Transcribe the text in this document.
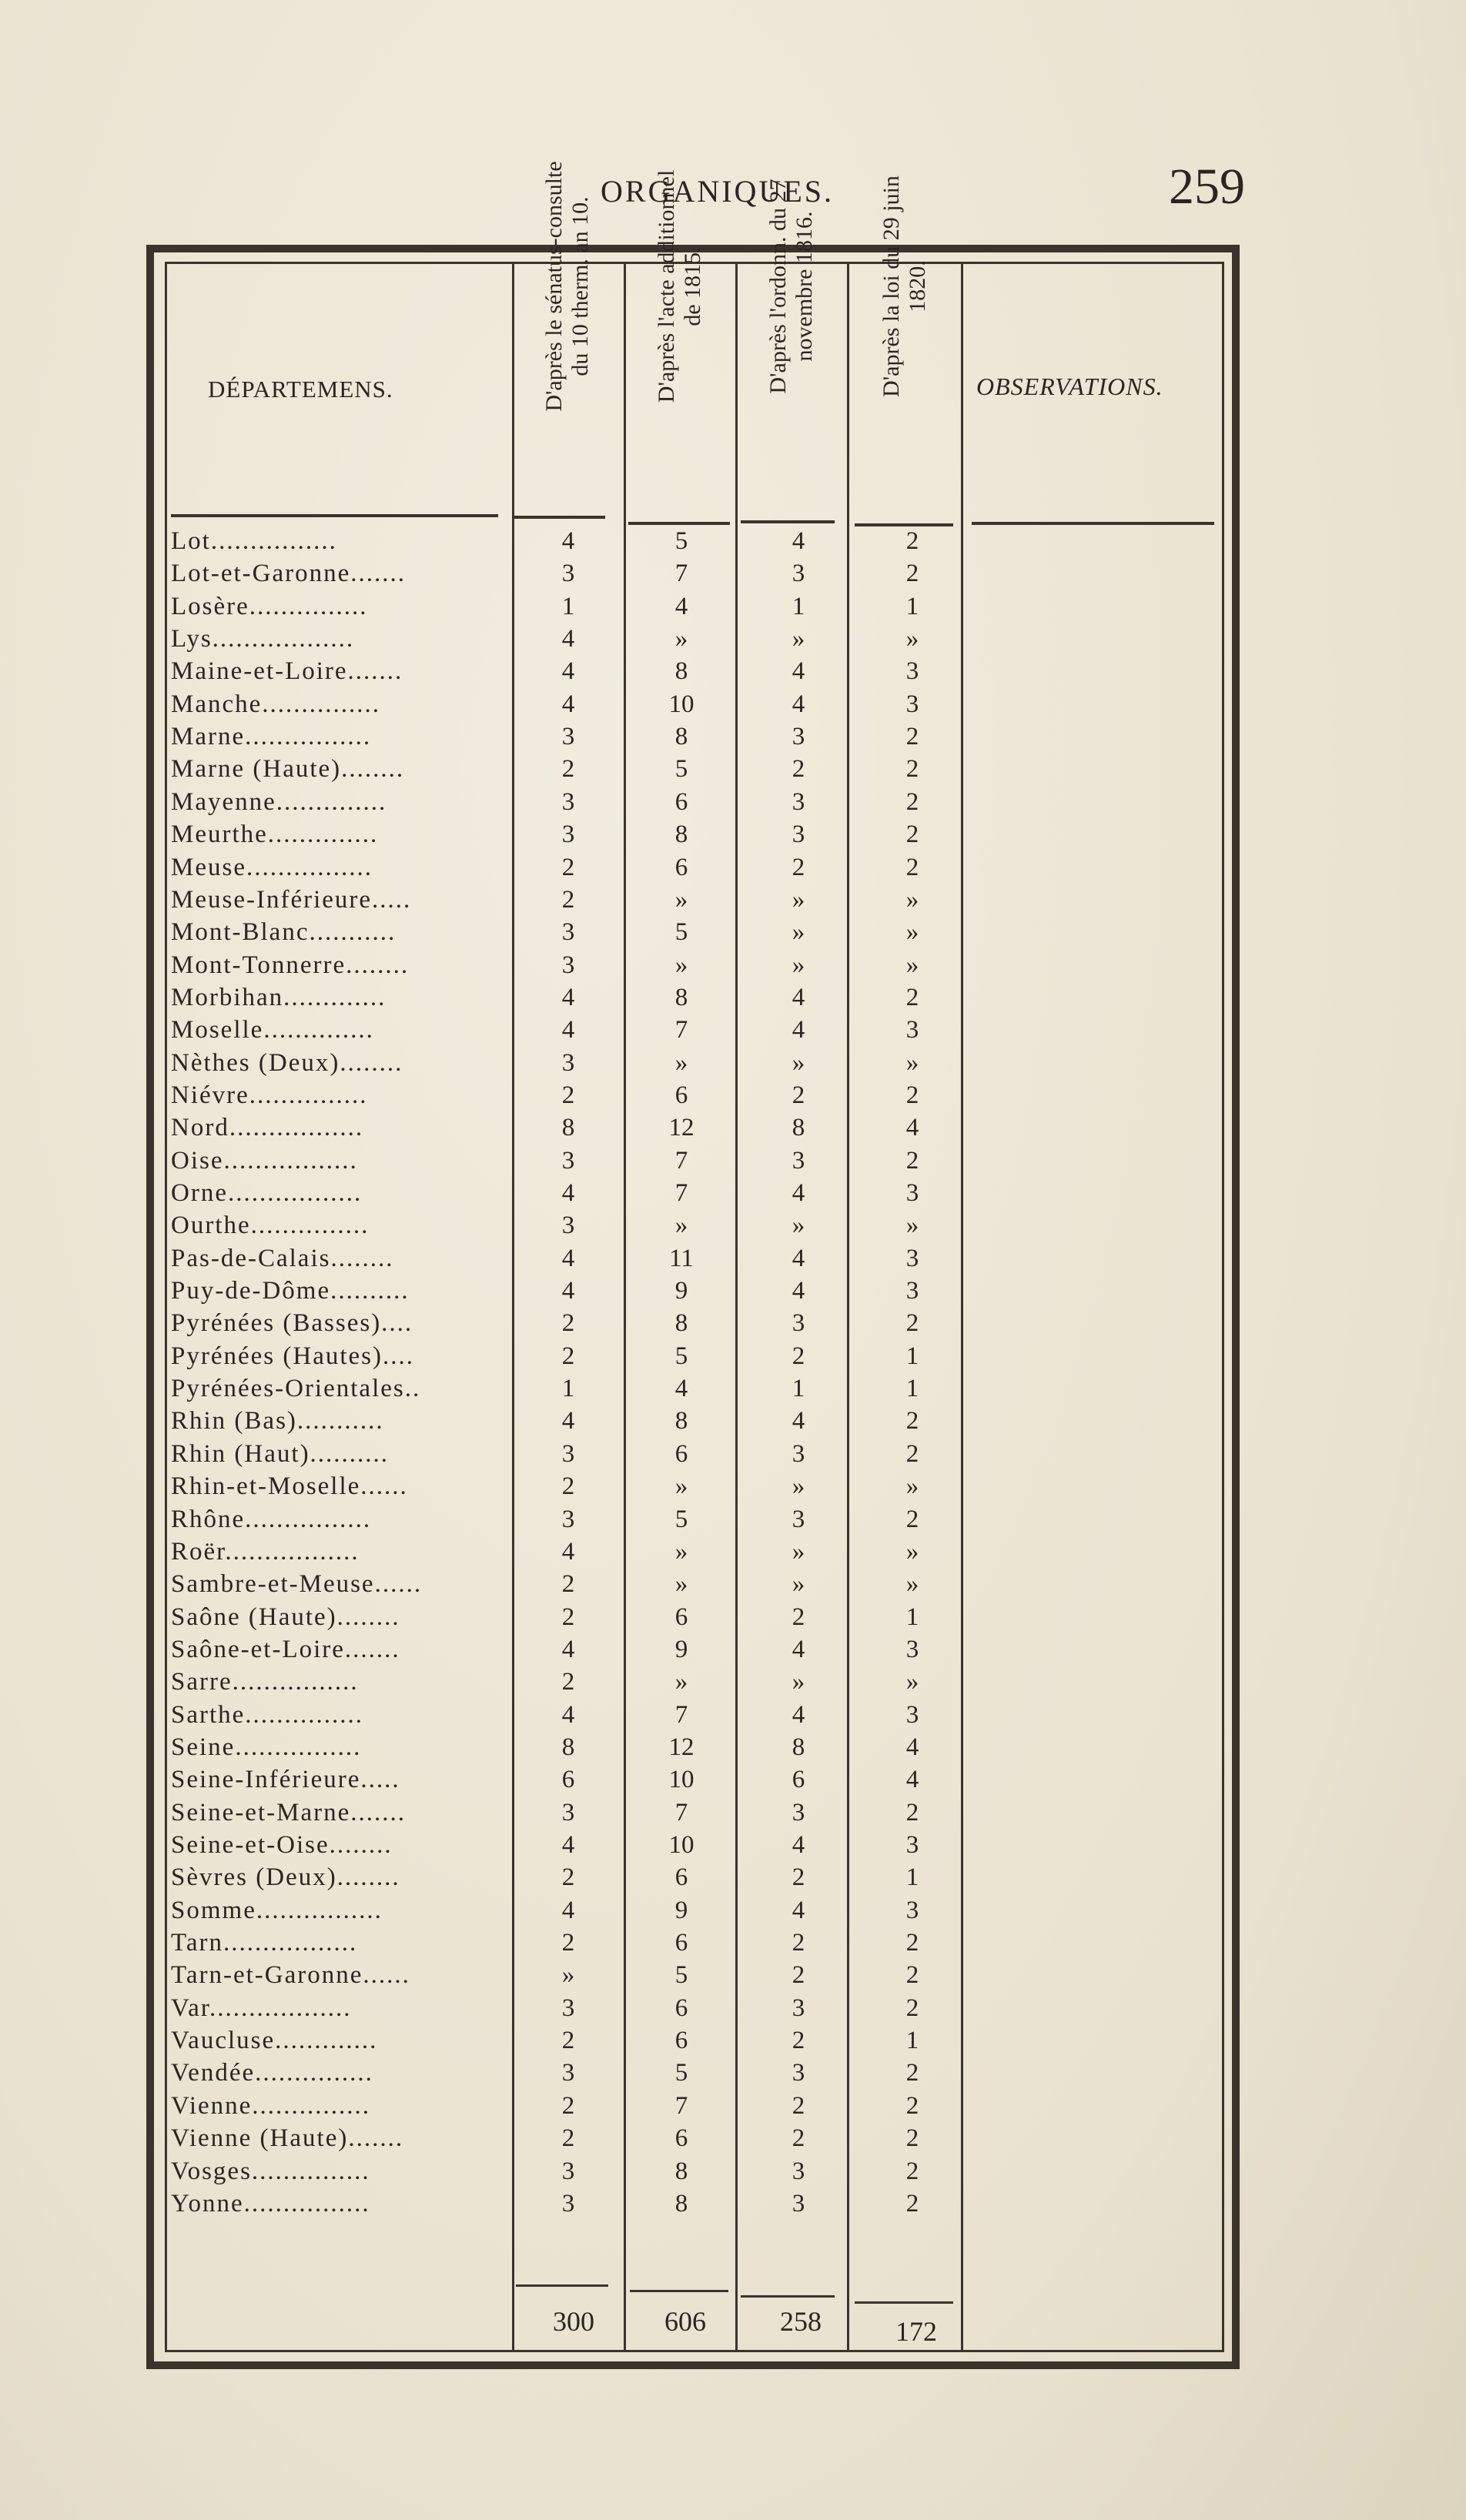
ORGANIQUES.	259
DÉPARTEMENS.	OBSERVATIONS.
D'après le sénatus-consulte du 10 therm. an 10.	D'après l'acte additionnel de 1815.	D'après l'ordonn. du 27 novembre 1816.	D'après la loi du 29 juin 1820.
Lot................	4	5	4	2
Lot-et-Garonne.......	3	7	3	2
Losère...............	1	4	1	1
Lys..................	4	»	»	»
Maine-et-Loire.......	4	8	4	3
Manche...............	4	10	4	3
Marne................	3	8	3	2
Marne (Haute)........	2	5	2	2
Mayenne..............	3	6	3	2
Meurthe..............	3	8	3	2
Meuse................	2	6	2	2
Meuse-Inférieure.....	2	»	»	»
Mont-Blanc...........	3	5	»	»
Mont-Tonnerre........	3	»	»	»
Morbihan.............	4	8	4	2
Moselle..............	4	7	4	3
Nèthes (Deux)........	3	»	»	»
Niévre...............	2	6	2	2
Nord.................	8	12	8	4
Oise.................	3	7	3	2
Orne.................	4	7	4	3
Ourthe...............	3	»	»	»
Pas-de-Calais........	4	11	4	3
Puy-de-Dôme..........	4	9	4	3
Pyrénées (Basses)....	2	8	3	2
Pyrénées (Hautes)....	2	5	2	1
Pyrénées-Orientales..	1	4	1	1
Rhin (Bas)...........	4	8	4	2
Rhin (Haut)..........	3	6	3	2
Rhin-et-Moselle......	2	»	»	»
Rhône................	3	5	3	2
Roër.................	4	»	»	»
Sambre-et-Meuse......	2	»	»	»
Saône (Haute)........	2	6	2	1
Saône-et-Loire.......	4	9	4	3
Sarre................	2	»	»	»
Sarthe...............	4	7	4	3
Seine................	8	12	8	4
Seine-Inférieure.....	6	10	6	4
Seine-et-Marne.......	3	7	3	2
Seine-et-Oise........	4	10	4	3
Sèvres (Deux)........	2	6	2	1
Somme................	4	9	4	3
Tarn.................	2	6	2	2
Tarn-et-Garonne......	»	5	2	2
Var..................	3	6	3	2
Vaucluse.............	2	6	2	1
Vendée...............	3	5	3	2
Vienne...............	2	7	2	2
Vienne (Haute).......	2	6	2	2
Vosges...............	3	8	3	2
Yonne................	3	8	3	2
300	606	258	172
